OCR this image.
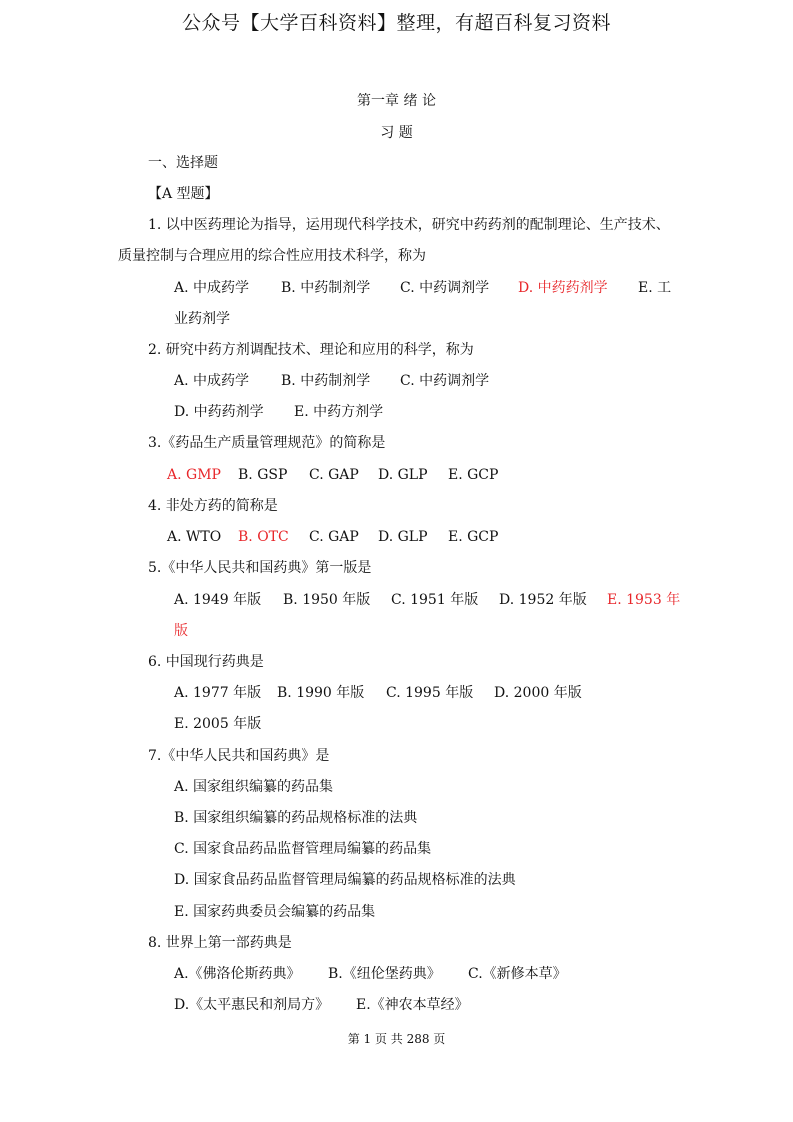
公众号【大学百科资料】整理，有超百科复习资料
第一章 绪 论
习 题
一、选择题
【A 型题】
1. 以中医药理论为指导，运用现代科学技术，研究中药药剂的配制理论、生产技术、
质量控制与合理应用的综合性应用技术科学，称为
A. 中成药学 B. 中药制剂学 C. 中药调剂学 D. 中药药剂学 E. 工
业药剂学
2. 研究中药方剂调配技术、理论和应用的科学，称为
A. 中成药学 B. 中药制剂学 C. 中药调剂学
D. 中药药剂学 E. 中药方剂学
3.《药品生产质量管理规范》的简称是
A. GMP B. GSP C. GAP D. GLP E. GCP
4. 非处方药的简称是
A. WTO B. OTC C. GAP D. GLP E. GCP
5.《中华人民共和国药典》第一版是
A. 1949 年版 B. 1950 年版 C. 1951 年版 D. 1952 年版 E. 1953 年
版
6. 中国现行药典是
A. 1977 年版 B. 1990 年版 C. 1995 年版 D. 2000 年版
E. 2005 年版
7.《中华人民共和国药典》是
A. 国家组织编纂的药品集
B. 国家组织编纂的药品规格标准的法典
C. 国家食品药品监督管理局编纂的药品集
D. 国家食品药品监督管理局编纂的药品规格标准的法典
E. 国家药典委员会编纂的药品集
8. 世界上第一部药典是
A.《佛洛伦斯药典》 B.《纽伦堡药典》 C.《新修本草》
D.《太平惠民和剂局方》 E.《神农本草经》
第 1 页 共 288 页
